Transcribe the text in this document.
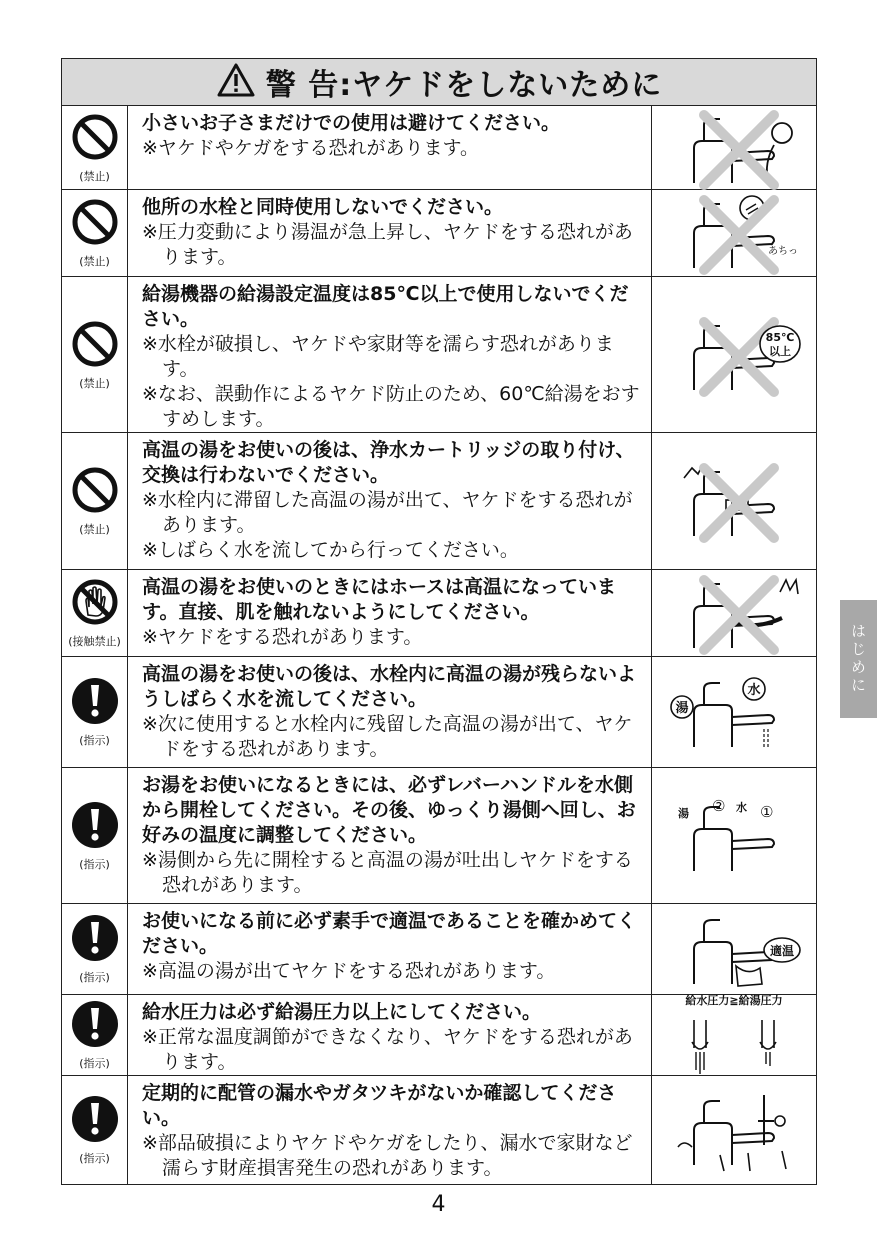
警 告:ヤケドをしないために
(禁止)
小さいお子さまだけでの使用は避けてください。
※ヤケドやケガをする恐れがあります。
(禁止)
他所の水栓と同時使用しないでください。
※圧力変動により湯温が急上昇し、ヤケドをする恐れがあります。	あちっ
(禁止)
給湯機器の給湯設定温度は85℃以上で使用しないでください。
※水栓が破損し、ヤケドや家財等を濡らす恐れがあります。
※なお、誤動作によるヤケド防止のため、60℃給湯をおすすめします。
85℃
以上
(禁止)
高温の湯をお使いの後は、浄水カートリッジの取り付け、交換は行わないでください。
※水栓内に滞留した高温の湯が出て、ヤケドをする恐れがあります。
※しばらく水を流してから行ってください。
(接触禁止)
高温の湯をお使いのときにはホースは高温になっています。直接、肌を触れないようにしてください。
※ヤケドをする恐れがあります。
(指示)
高温の湯をお使いの後は、水栓内に高温の湯が残らないようしばらく水を流してください。
※次に使用すると水栓内に残留した高温の湯が出て、ヤケドをする恐れがあります。
湯
水
(指示)
お湯をお使いになるときには、必ずレバーハンドルを水側から開栓してください。その後、ゆっくり湯側へ回し、お好みの温度に調整してください。
※湯側から先に開栓すると高温の湯が吐出しヤケドをする恐れがあります。
湯 ② 水 ①
(指示)
お使いになる前に必ず素手で適温であることを確かめてください。
※高温の湯が出てヤケドをする恐れがあります。
適温
(指示)
給水圧力は必ず給湯圧力以上にしてください。
※正常な温度調節ができなくなり、ヤケドをする恐れがあります。
給水圧力≧給湯圧力
(指示)
定期的に配管の漏水やガタツキがないか確認してください。
※部品破損によりヤケドやケガをしたり、漏水で家財など濡らす財産損害発生の恐れがあります。
4
はじめに
